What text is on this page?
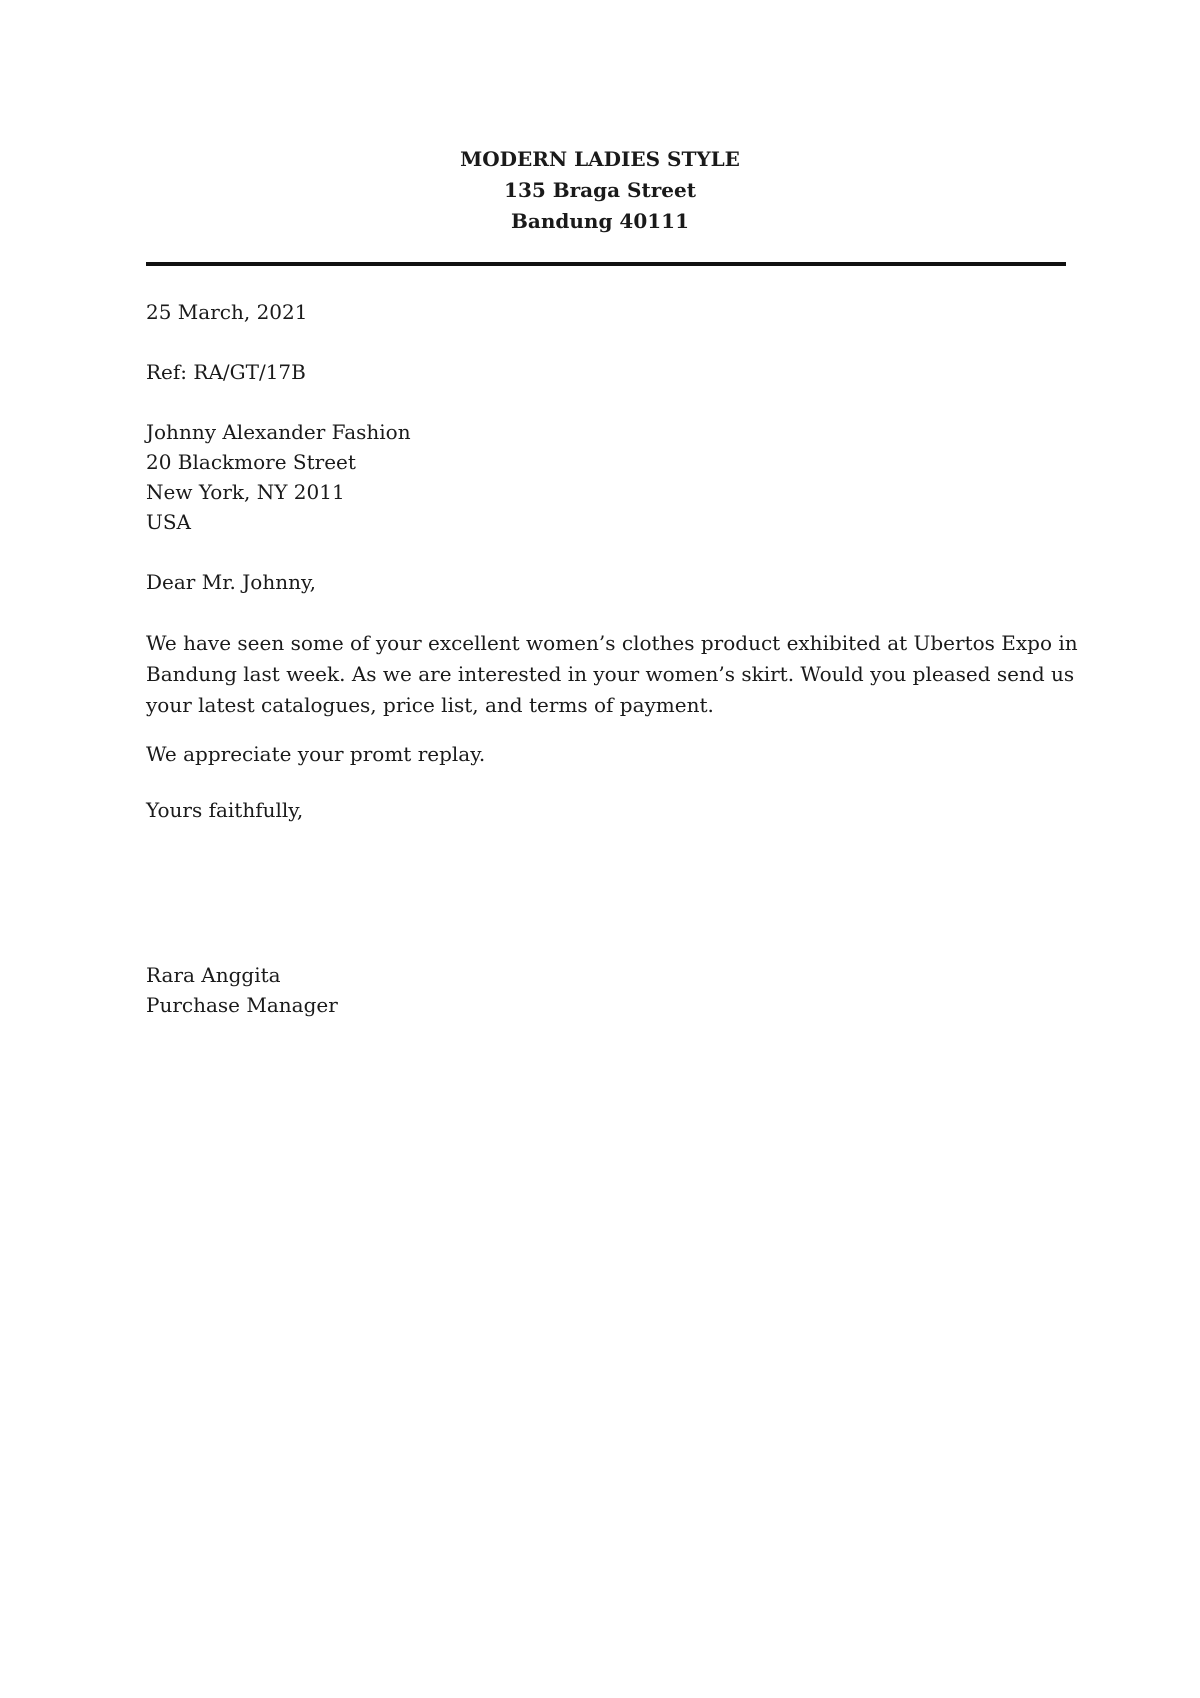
MODERN LADIES STYLE
135 Braga Street
Bandung 40111
25 March, 2021
Ref: RA/GT/17B
Johnny Alexander Fashion
20 Blackmore Street
New York, NY 2011
USA
Dear Mr. Johnny,
We have seen some of your excellent women’s clothes product exhibited at Ubertos Expo in
Bandung last week. As we are interested in your women’s skirt. Would you pleased send us
your latest catalogues, price list, and terms of payment.
We appreciate your promt replay.
Yours faithfully,
Rara Anggita
Purchase Manager
